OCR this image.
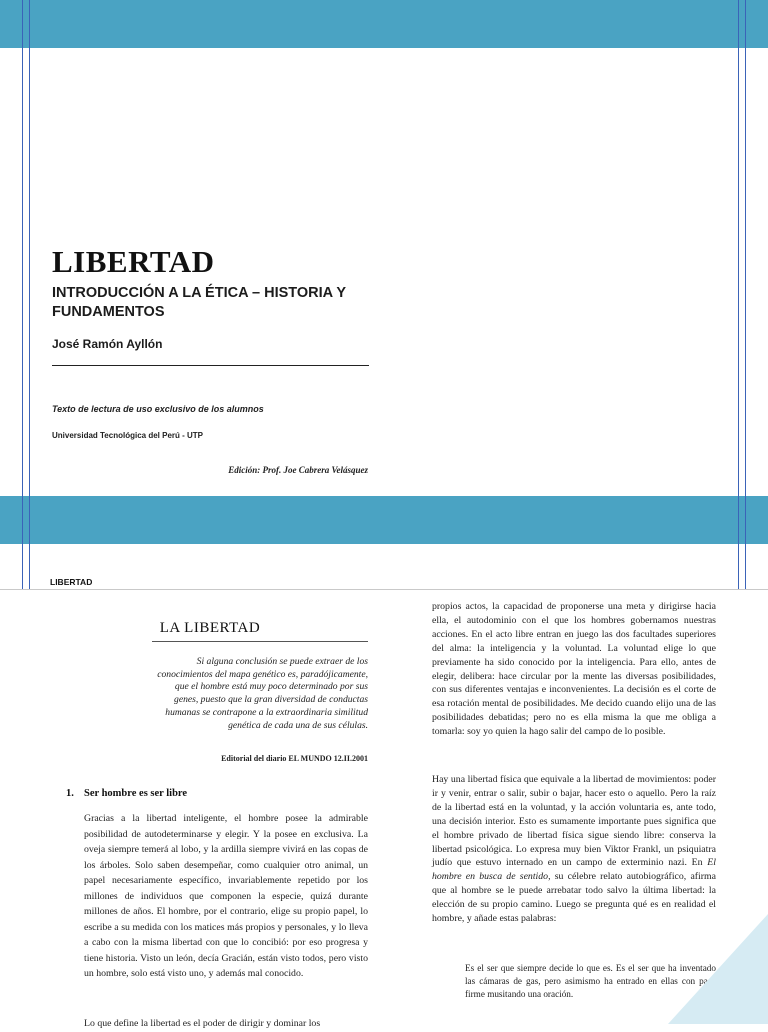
LIBERTAD
INTRODUCCIÓN A LA ÉTICA – HISTORIA Y FUNDAMENTOS
José Ramón Ayllón
Texto de lectura de uso exclusivo de los alumnos
Universidad Tecnológica del Perú - UTP
Edición: Prof. Joe Cabrera Velásquez
LIBERTAD
LA LIBERTAD

Si alguna conclusión se puede extraer de los conocimientos del mapa genético es, paradójicamente, que el hombre está muy poco determinado por sus genes, puesto que la gran diversidad de conductas humanas se contrapone a la extraordinaria similitud genética de cada una de sus células.

Editorial del diario EL MUNDO 12.II.2001
1. Ser hombre es ser libre

Gracias a la libertad inteligente, el hombre posee la admirable posibilidad de autodeterminarse y elegir. Y la posee en exclusiva. La oveja siempre temerá al lobo, y la ardilla siempre vivirá en las copas de los árboles. Solo saben desempeñar, como cualquier otro animal, un papel necesariamente específico, invariablemente repetido por los millones de individuos que componen la especie, quizá durante millones de años. El hombre, por el contrario, elige su propio papel, lo escribe a su medida con los matices más propios y personales, y lo lleva a cabo con la misma libertad con que lo concibió: por eso progresa y tiene historia. Visto un león, decía Gracián, están visto todos, pero visto un hombre, solo está visto uno, y además mal conocido.

Lo que define la libertad es el poder de dirigir y dominar los

propios actos, la capacidad de proponerse una meta y dirigirse hacia ella, el autodominio con el que los hombres gobernamos nuestras acciones. En el acto libre entran en juego las dos facultades superiores del alma: la inteligencia y la voluntad. La voluntad elige lo que previamente ha sido conocido por la inteligencia. Para ello, antes de elegir, delibera: hace circular por la mente las diversas posibilidades, con sus diferentes ventajas e inconvenientes. La decisión es el corte de esa rotación mental de posibilidades. Me decido cuando elijo una de las posibilidades debatidas; pero no es ella misma la que me obliga a tomarla: soy yo quien la hago salir del campo de lo posible.

Hay una libertad física que equivale a la libertad de movimientos: poder ir y venir, entrar o salir, subir o bajar, hacer esto o aquello. Pero la raíz de la libertad está en la voluntad, y la acción voluntaria es, ante todo, una decisión interior. Esto es sumamente importante pues significa que el hombre privado de libertad física sigue siendo libre: conserva la libertad psicológica. Lo expresa muy bien Viktor Frankl, un psiquiatra judío que estuvo internado en un campo de exterminio nazi. En El hombre en busca de sentido, su célebre relato autobiográfico, afirma que al hombre se le puede arrebatar todo salvo la última libertad: la elección de su propio camino. Luego se pregunta qué es en realidad el hombre, y añade estas palabras:

Es el ser que siempre decide lo que es. Es el ser que ha inventado las cámaras de gas, pero asimismo ha entrado en ellas con paso firme musitando una oración.
